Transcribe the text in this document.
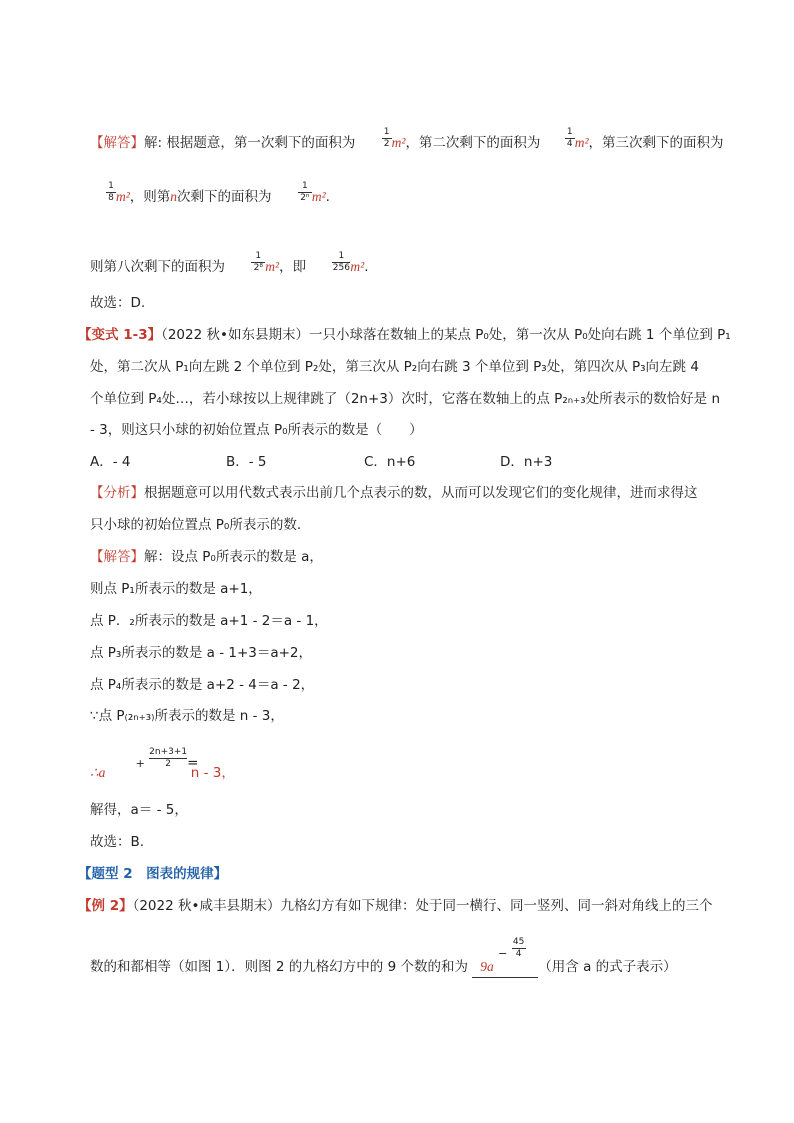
【解答】解: 根据题意，第一次剩下的面积为
$\frac{1}{2}$
m²，第二次剩下的面积为
$\frac{1}{4}$
m²，第三次剩下的面积为
$\frac{1}{8}$
m²，则第n次剩下的面积为
$\frac{1}{\text{2ⁿ}}$
m².
则第八次剩下的面积为
$\frac{1}{\text{2⁸}}$
m²，即
$\frac{1}{256}$
m².
故选：D.
【变式 1-3】（2022 秋•如东县期末）一只小球落在数轴上的某点 P₀处，第一次从 P₀处向右跳 1 个单位到 P₁
处，第二次从 P₁向左跳 2 个单位到 P₂处，第三次从 P₂向右跳 3 个单位到 P₃处，第四次从 P₃向左跳 4
个单位到 P₄处…，若小球按以上规律跳了（2n+3）次时，它落在数轴上的点 P₂ₙ₊₃处所表示的数恰好是 n
- 3，则这只小球的初始位置点 P₀所表示的数是（　　）
A．- 4	B．- 5	C．n+6	D．n+3
【分析】根据题意可以用代数式表示出前几个点表示的数，从而可以发现它们的变化规律，进而求得这
只小球的初始位置点 P₀所表示的数.
【解答】解：设点 P₀所表示的数是 a，
则点 P₁所表示的数是 a+1，
点 P．₂所表示的数是 a+1 - 2＝a - 1，
点 P₃所表示的数是 a - 1+3＝a+2，
点 P₄所表示的数是 a+2 - 4＝a - 2，
∵点 P₍₂ₙ₊₃₎所表示的数是 n - 3，
∴a +
$\frac{2n+3+1}{2}$
= n - 3，
解得，a＝ - 5，
故选：B.
【题型 2　图表的规律】
【例 2】（2022 秋•咸丰县期末）九格幻方有如下规律：处于同一横行、同一竖列、同一斜对角线上的三个
数的和都相等（如图 1）．则图 2 的九格幻方中的 9 个数的和为 9a −
$\frac{45}{4}$
（用含 a 的式子表示）
